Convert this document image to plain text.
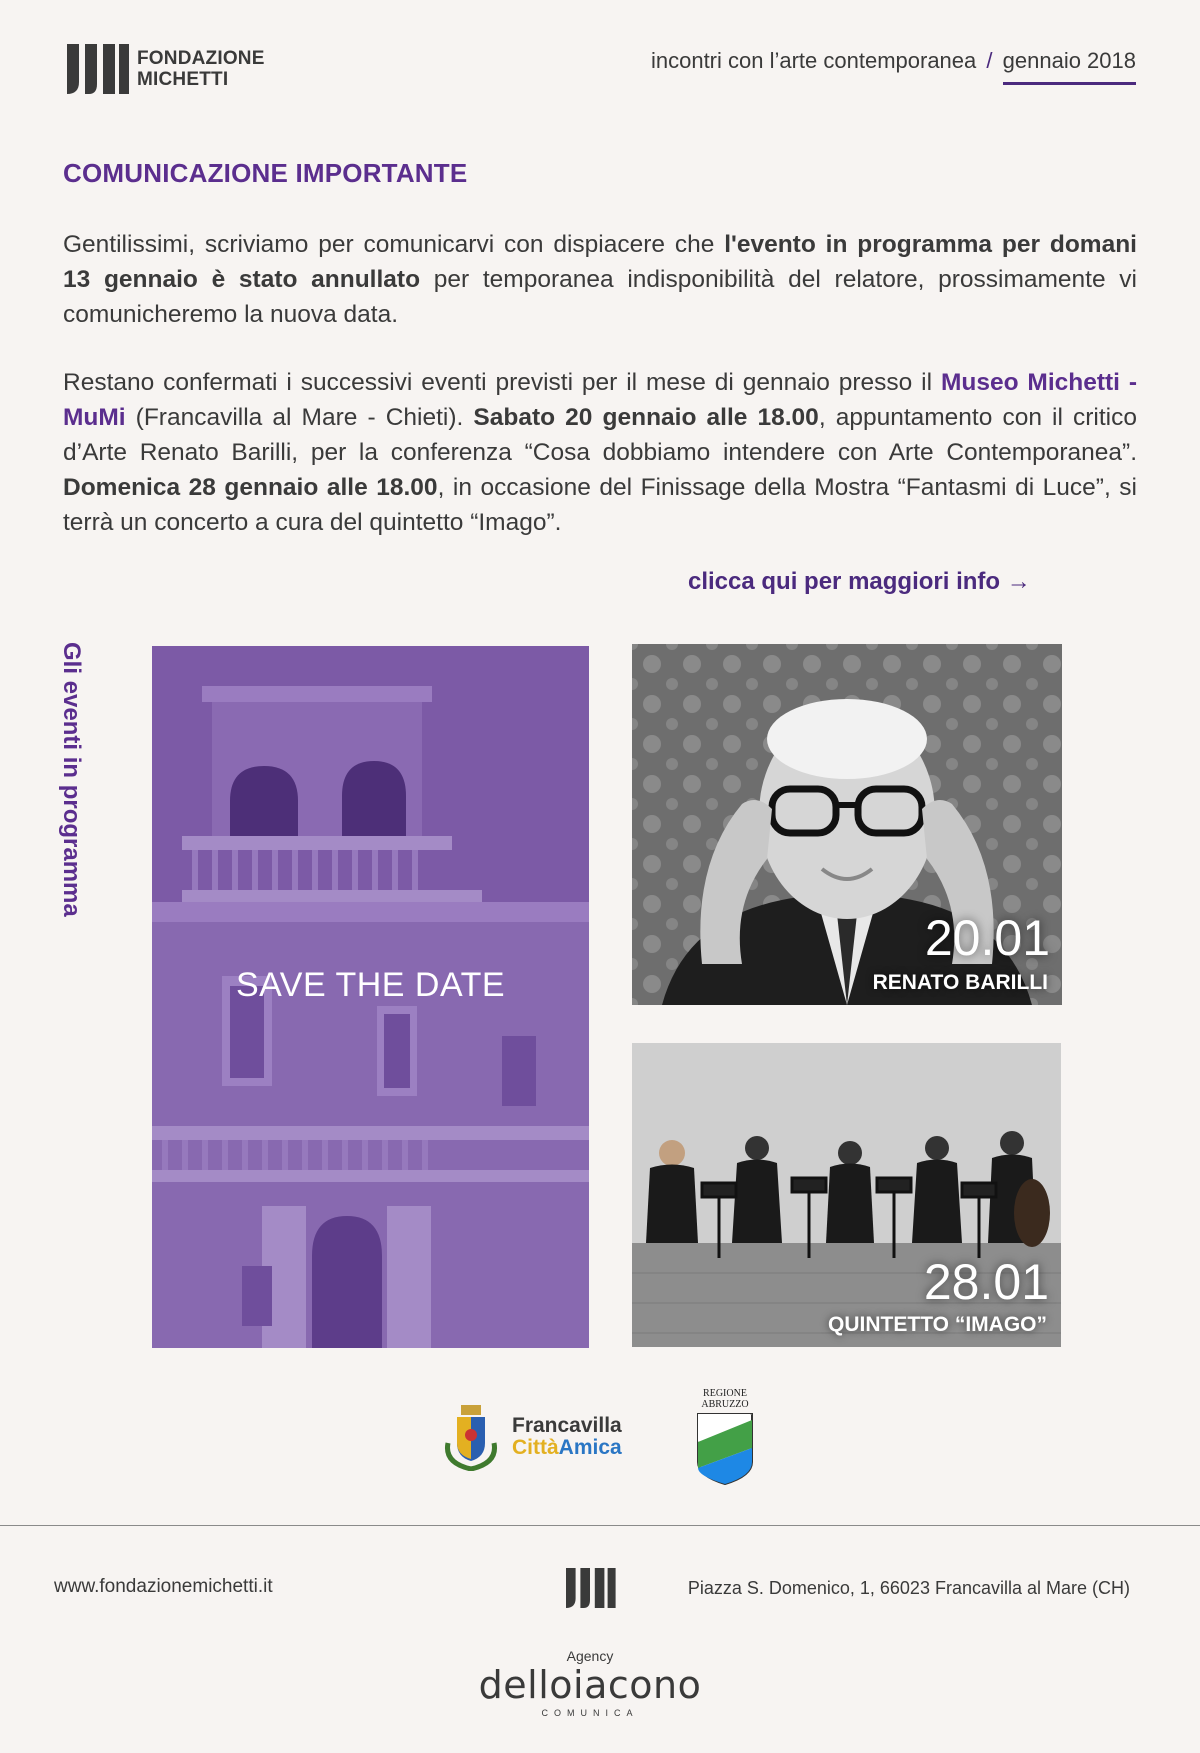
FONDAZIONE
MICHETTI
incontri con l’arte contemporanea / gennaio 2018
COMUNICAZIONE IMPORTANTE
Gentilissimi, scriviamo per comunicarvi con dispiacere che l'evento in programma per domani 13 gennaio è stato annullato per temporanea indisponibilità del relatore, prossimamente vi comunicheremo la nuova data.
Restano confermati i successivi eventi previsti per il mese di gennaio presso il Museo Michetti - MuMi (Francavilla al Mare - Chieti). Sabato 20 gennaio alle 18.00, appuntamento con il critico d’Arte Renato Barilli, per la conferenza “Cosa dobbiamo intendere con Arte Contemporanea”. Domenica 28 gennaio alle 18.00, in occasione del Finissage della Mostra “Fantasmi di Luce”, si terrà un concerto a cura del quintetto “Imago”.
clicca qui per maggiori info →
Gli eventi in programma
SAVE THE DATE
20.01
RENATO BARILLI
28.01
QUINTETTO “IMAGO”
Francavilla
CittàAmica
REGIONE
ABRUZZO
www.fondazionemichetti.it	Piazza S. Domenico, 1, 66023 Francavilla al Mare (CH)
Agency
delloiacono
COMUNICA
